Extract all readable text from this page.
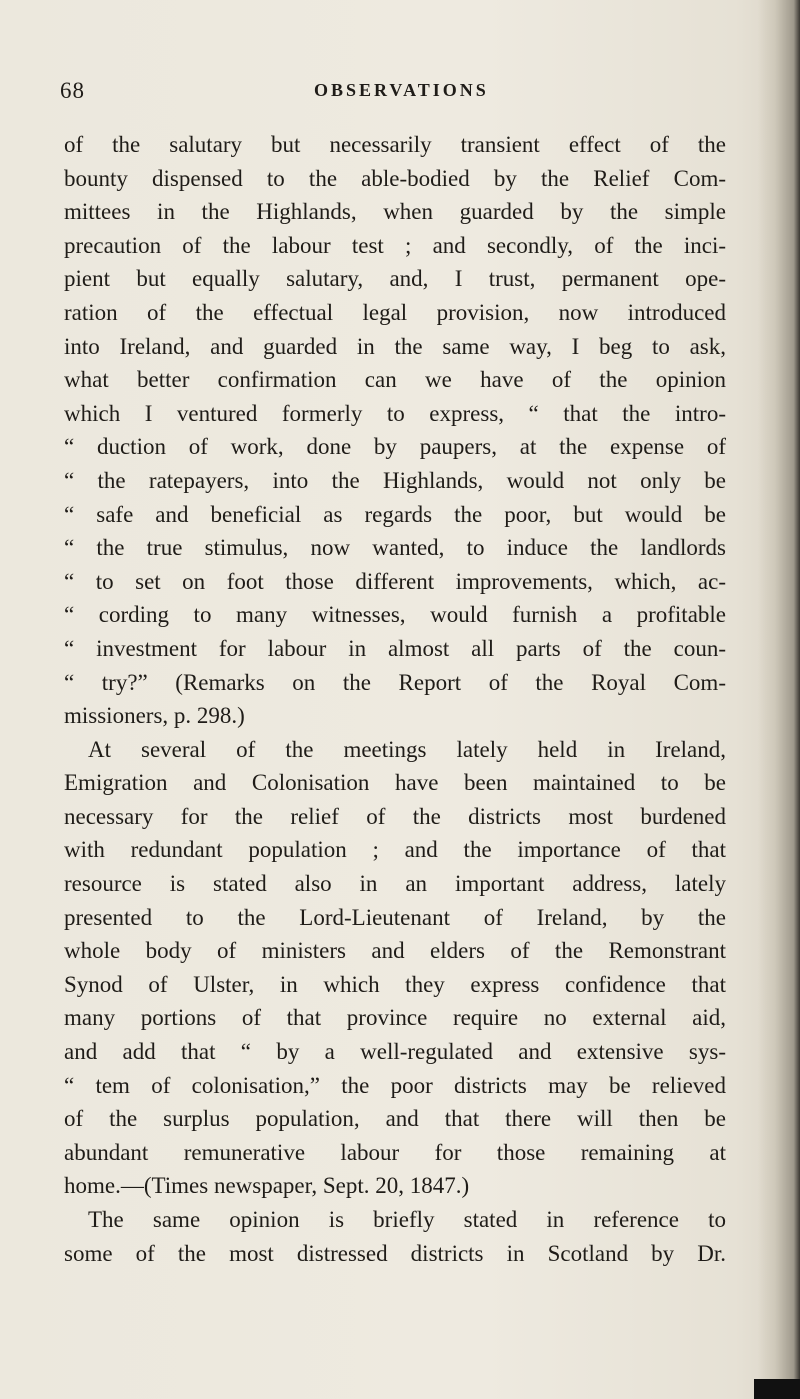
68	OBSERVATIONS
of the salutary but necessarily transient effect of the
bounty dispensed to the able-bodied by the Relief Com-
mittees in the Highlands, when guarded by the simple
precaution of the labour test ; and secondly, of the inci-
pient but equally salutary, and, I trust, permanent ope-
ration of the effectual legal provision, now introduced
into Ireland, and guarded in the same way, I beg to ask,
what better confirmation can we have of the opinion
which I ventured formerly to express, “ that the intro-
“ duction of work, done by paupers, at the expense of
“ the ratepayers, into the Highlands, would not only be
“ safe and beneficial as regards the poor, but would be
“ the true stimulus, now wanted, to induce the landlords
“ to set on foot those different improvements, which, ac-
“ cording to many witnesses, would furnish a profitable
“ investment for labour in almost all parts of the coun-
“ try?” (Remarks on the Report of the Royal Com-
missioners, p. 298.)
At several of the meetings lately held in Ireland,
Emigration and Colonisation have been maintained to be
necessary for the relief of the districts most burdened
with redundant population ; and the importance of that
resource is stated also in an important address, lately
presented to the Lord-Lieutenant of Ireland, by the
whole body of ministers and elders of the Remonstrant
Synod of Ulster, in which they express confidence that
many portions of that province require no external aid,
and add that “ by a well-regulated and extensive sys-
“ tem of colonisation,” the poor districts may be relieved
of the surplus population, and that there will then be
abundant remunerative labour for those remaining at
home.—(Times newspaper, Sept. 20, 1847.)
The same opinion is briefly stated in reference to
some of the most distressed districts in Scotland by Dr.
